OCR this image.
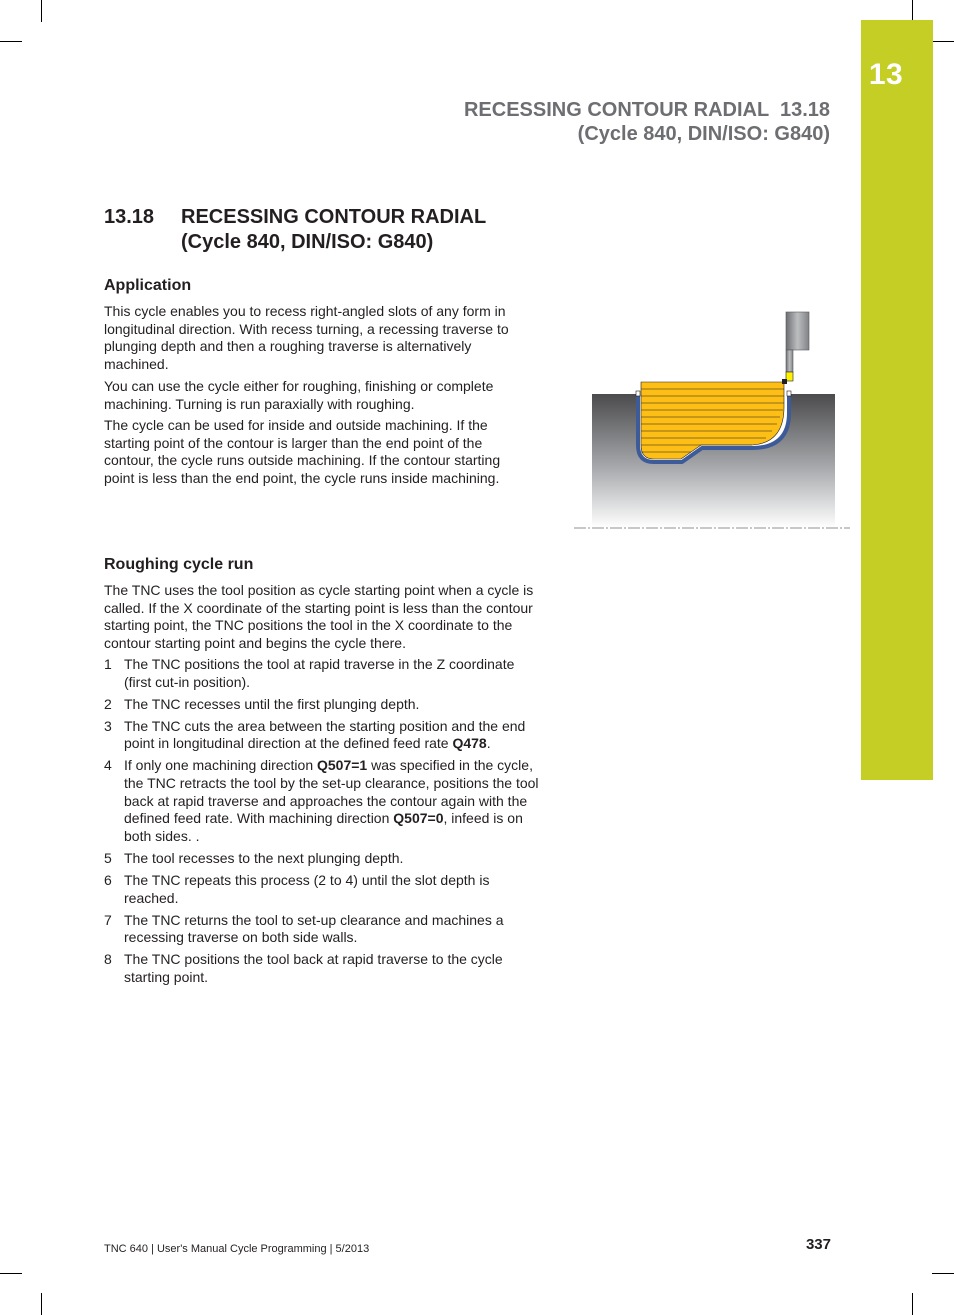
13
RECESSING CONTOUR RADIAL  13.18
(Cycle 840, DIN/ISO: G840)
13.18 RECESSING CONTOUR RADIAL
(Cycle 840, DIN/ISO: G840)
Application

This cycle enables you to recess right-angled slots of any form in longitudinal direction. With recess turning, a recessing traverse to plunging depth and then a roughing traverse is alternatively machined.

You can use the cycle either for roughing, finishing or complete machining. Turning is run paraxially with roughing.

The cycle can be used for inside and outside machining. If the starting point of the contour is larger than the end point of the contour, the cycle runs outside machining. If the contour starting point is less than the end point, the cycle runs inside machining.

Roughing cycle run

The TNC uses the tool position as cycle starting point when a cycle is called. If the X coordinate of the starting point is less than the contour starting point, the TNC positions the tool in the X coordinate to the contour starting point and begins the cycle there.

1 The TNC positions the tool at rapid traverse in the Z coordinate (first cut-in position).
2 The TNC recesses until the first plunging depth.
3 The TNC cuts the area between the starting position and the end point in longitudinal direction at the defined feed rate Q478.
4 If only one machining direction Q507=1 was specified in the cycle, the TNC retracts the tool by the set-up clearance, positions the tool back at rapid traverse and approaches the contour again with the defined feed rate. With machining direction Q507=0, infeed is on both sides. .
5 The tool recesses to the next plunging depth.
6 The TNC repeats this process (2 to 4) until the slot depth is reached.
7 The TNC returns the tool to set-up clearance and machines a recessing traverse on both side walls.
8 The TNC positions the tool back at rapid traverse to the cycle starting point.
TNC 640 | User's Manual Cycle Programming | 5/2013	337
